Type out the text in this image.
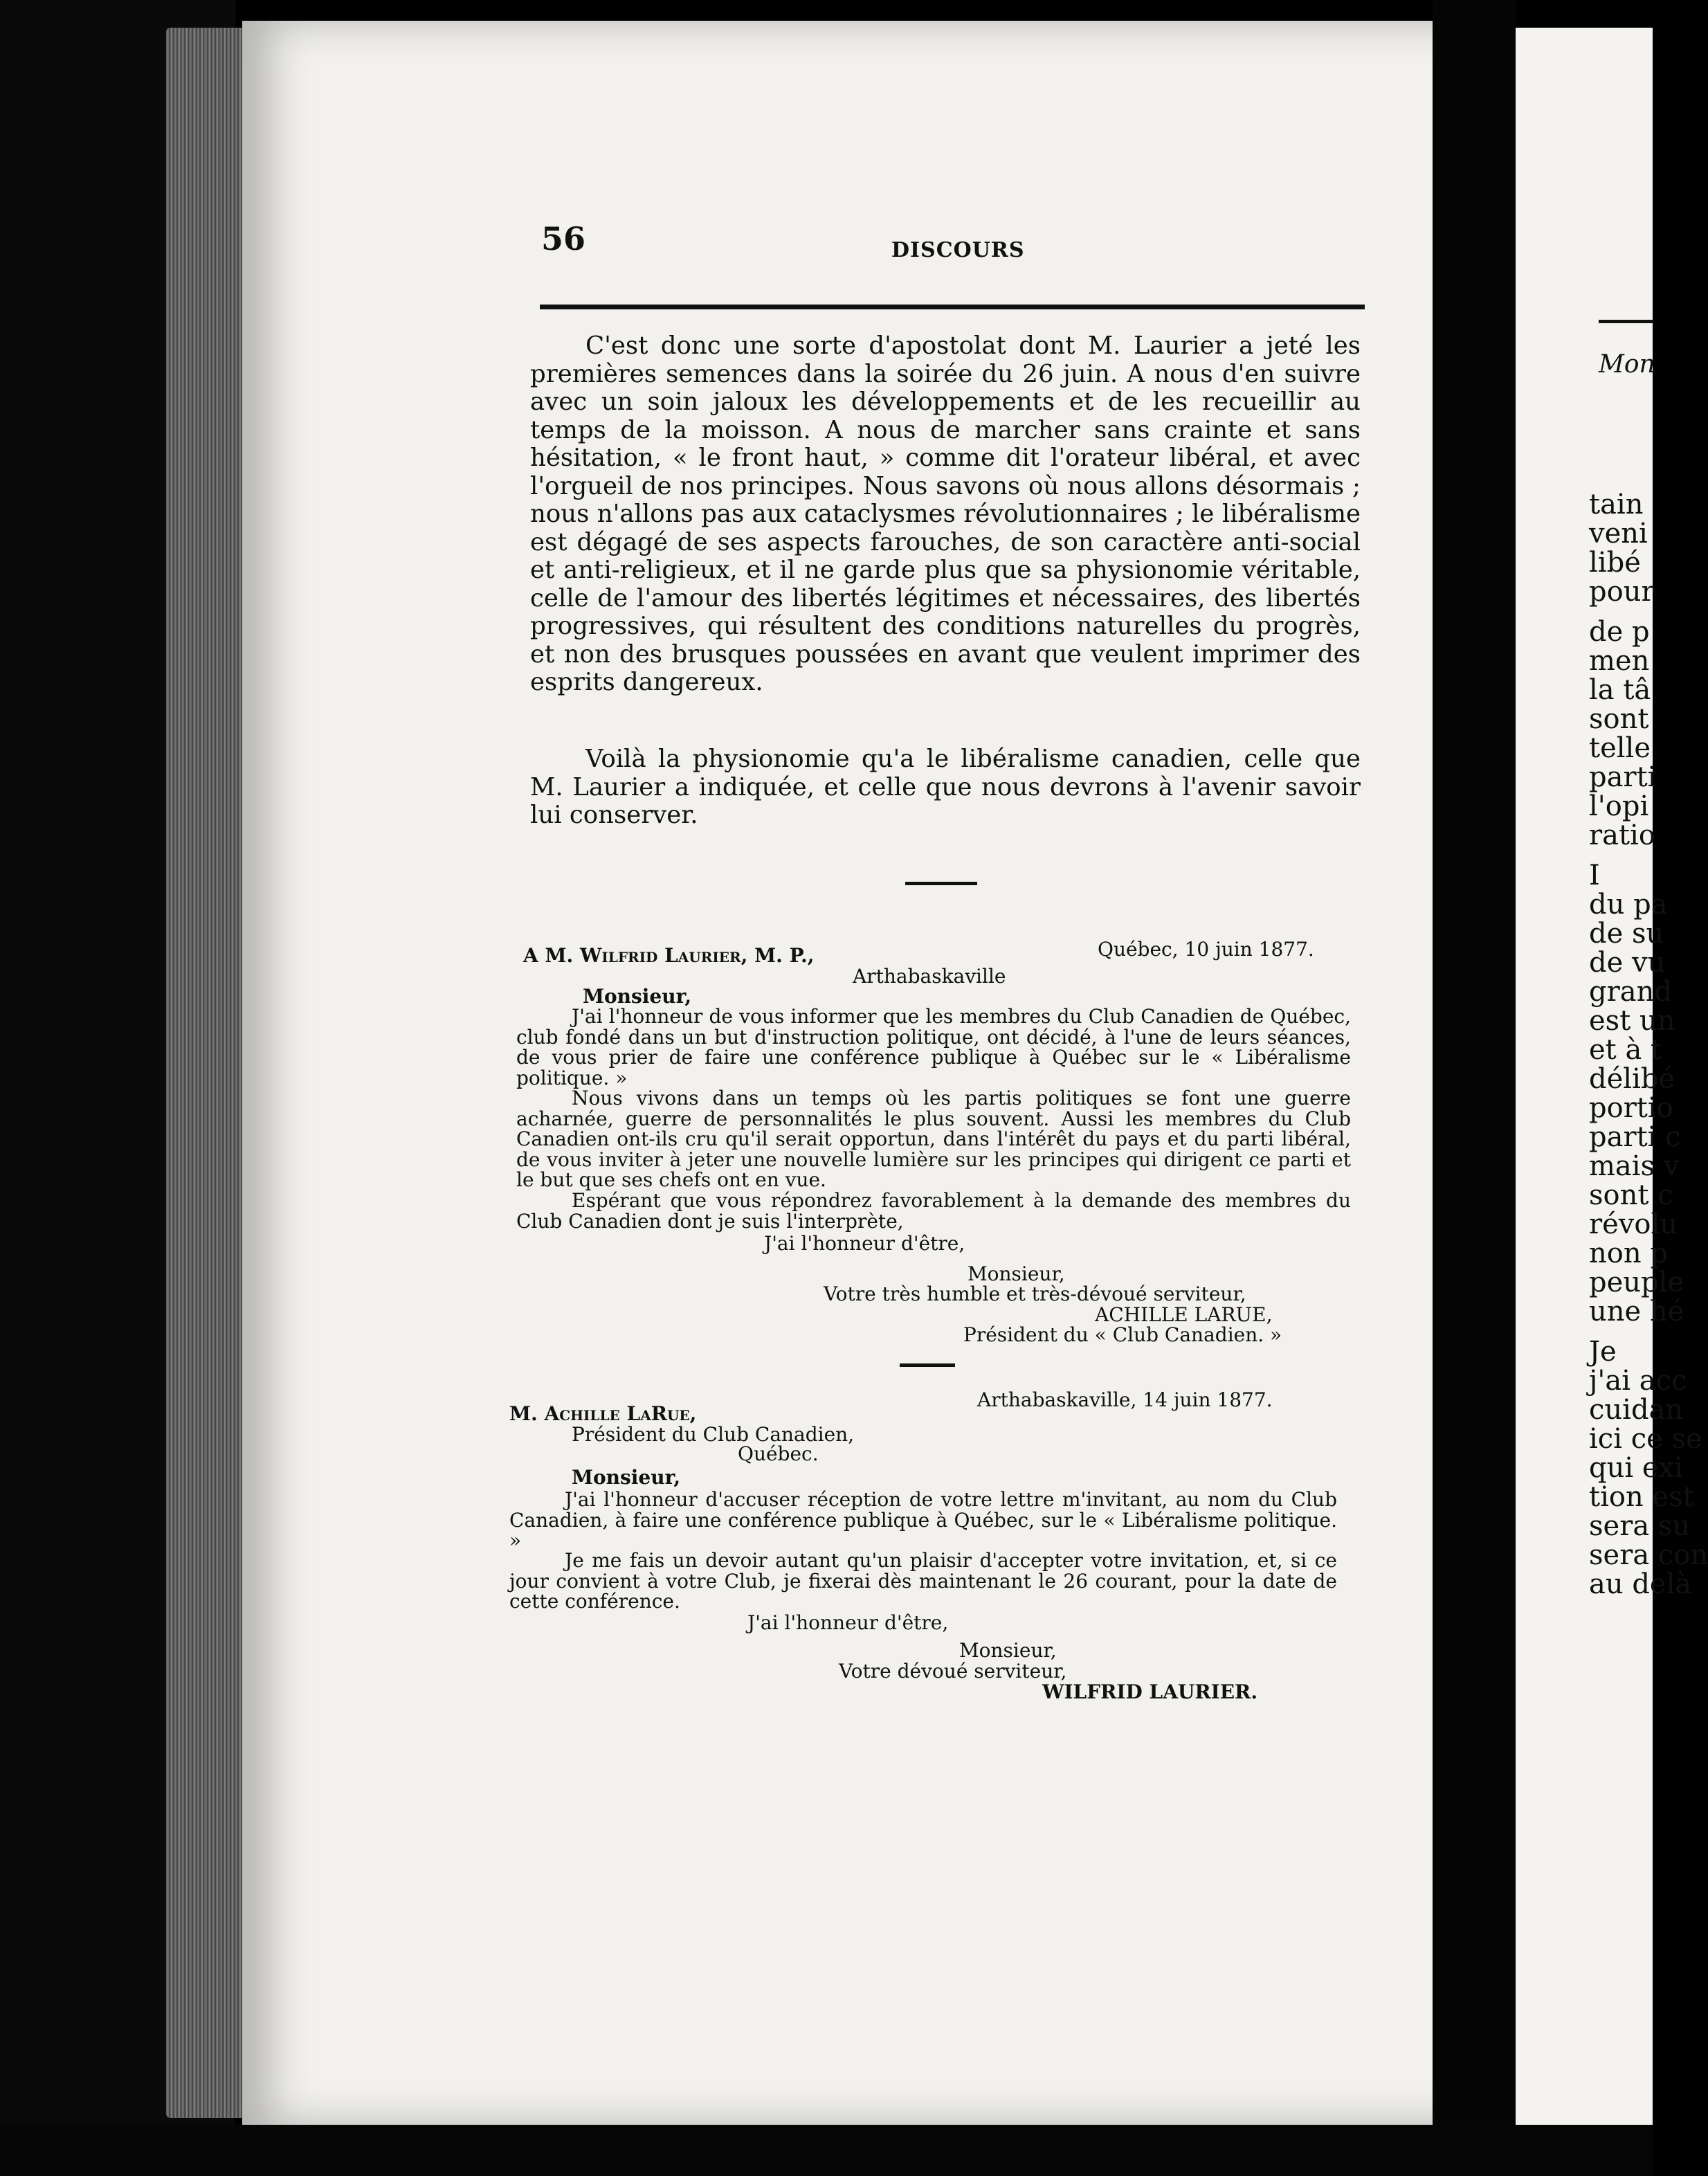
56	DISCOURS

C'est donc une sorte d'apostolat dont M. Laurier a jeté les premières semences dans la soirée du 26 juin. A nous d'en suivre avec un soin jaloux les développements et de les recueillir au temps de la moisson. A nous de marcher sans crainte et sans hésitation, « le front haut, » comme dit l'orateur libéral, et avec l'orgueil de nos principes. Nous savons où nous allons désormais ; nous n'allons pas aux cataclysmes révolutionnaires ; le libéralisme est dégagé de ses aspects farouches, de son caractère anti-social et anti-religieux, et il ne garde plus que sa physionomie véritable, celle de l'amour des libertés légitimes et nécessaires, des libertés progressives, qui résultent des conditions naturelles du progrès, et non des brusques poussées en avant que veulent imprimer des esprits dangereux.

Voilà la physionomie qu'a le libéralisme canadien, celle que M. Laurier a indiquée, et celle que nous devrons à l'avenir savoir lui conserver.

Québec, 10 juin 1877.
A M. Wilfrid Laurier, M. P.,
Arthabaskaville
Monsieur,

J'ai l'honneur de vous informer que les membres du Club Canadien de Québec, club fondé dans un but d'instruction politique, ont décidé, à l'une de leurs séances, de vous prier de faire une conférence publique à Québec sur le « Libéralisme politique. »

Nous vivons dans un temps où les partis politiques se font une guerre acharnée, guerre de personnalités le plus souvent. Aussi les membres du Club Canadien ont-ils cru qu'il serait opportun, dans l'intérêt du pays et du parti libéral, de vous inviter à jeter une nouvelle lumière sur les principes qui dirigent ce parti et le but que ses chefs ont en vue.

Espérant que vous répondrez favorablement à la demande des membres du Club Canadien dont je suis l'interprète,

J'ai l'honneur d'être,
Monsieur,
Votre très humble et très-dévoué serviteur,
ACHILLE LARUE,
Président du « Club Canadien. »
Arthabaskaville, 14 juin 1877.
M. Achille LaRue,
Président du Club Canadien,
Québec.
Monsieur,

J'ai l'honneur d'accuser réception de votre lettre m'invitant, au nom du Club Canadien, à faire une conférence publique à Québec, sur le « Libéralisme politique. »

Je me fais un devoir autant qu'un plaisir d'accepter votre invitation, et, si ce jour convient à votre Club, je fixerai dès maintenant le 26 courant, pour la date de cette conférence.

J'ai l'honneur d'être,
Monsieur,
Votre dévoué serviteur,
WILFRID LAURIER.
Mon
tain
veni
libé
pour
de p
men
la tâ
sont
telle
parti
l'opi
ratio
I
du pa
de su
de vu
grand
est un
et à t
délibé
portio
parti c
mais v
sont c
révolu
non p
peuple
une hé
Je
j'ai acc
cuidan
ici ce se
qui exi
tion est
sera su
sera con
au delà
